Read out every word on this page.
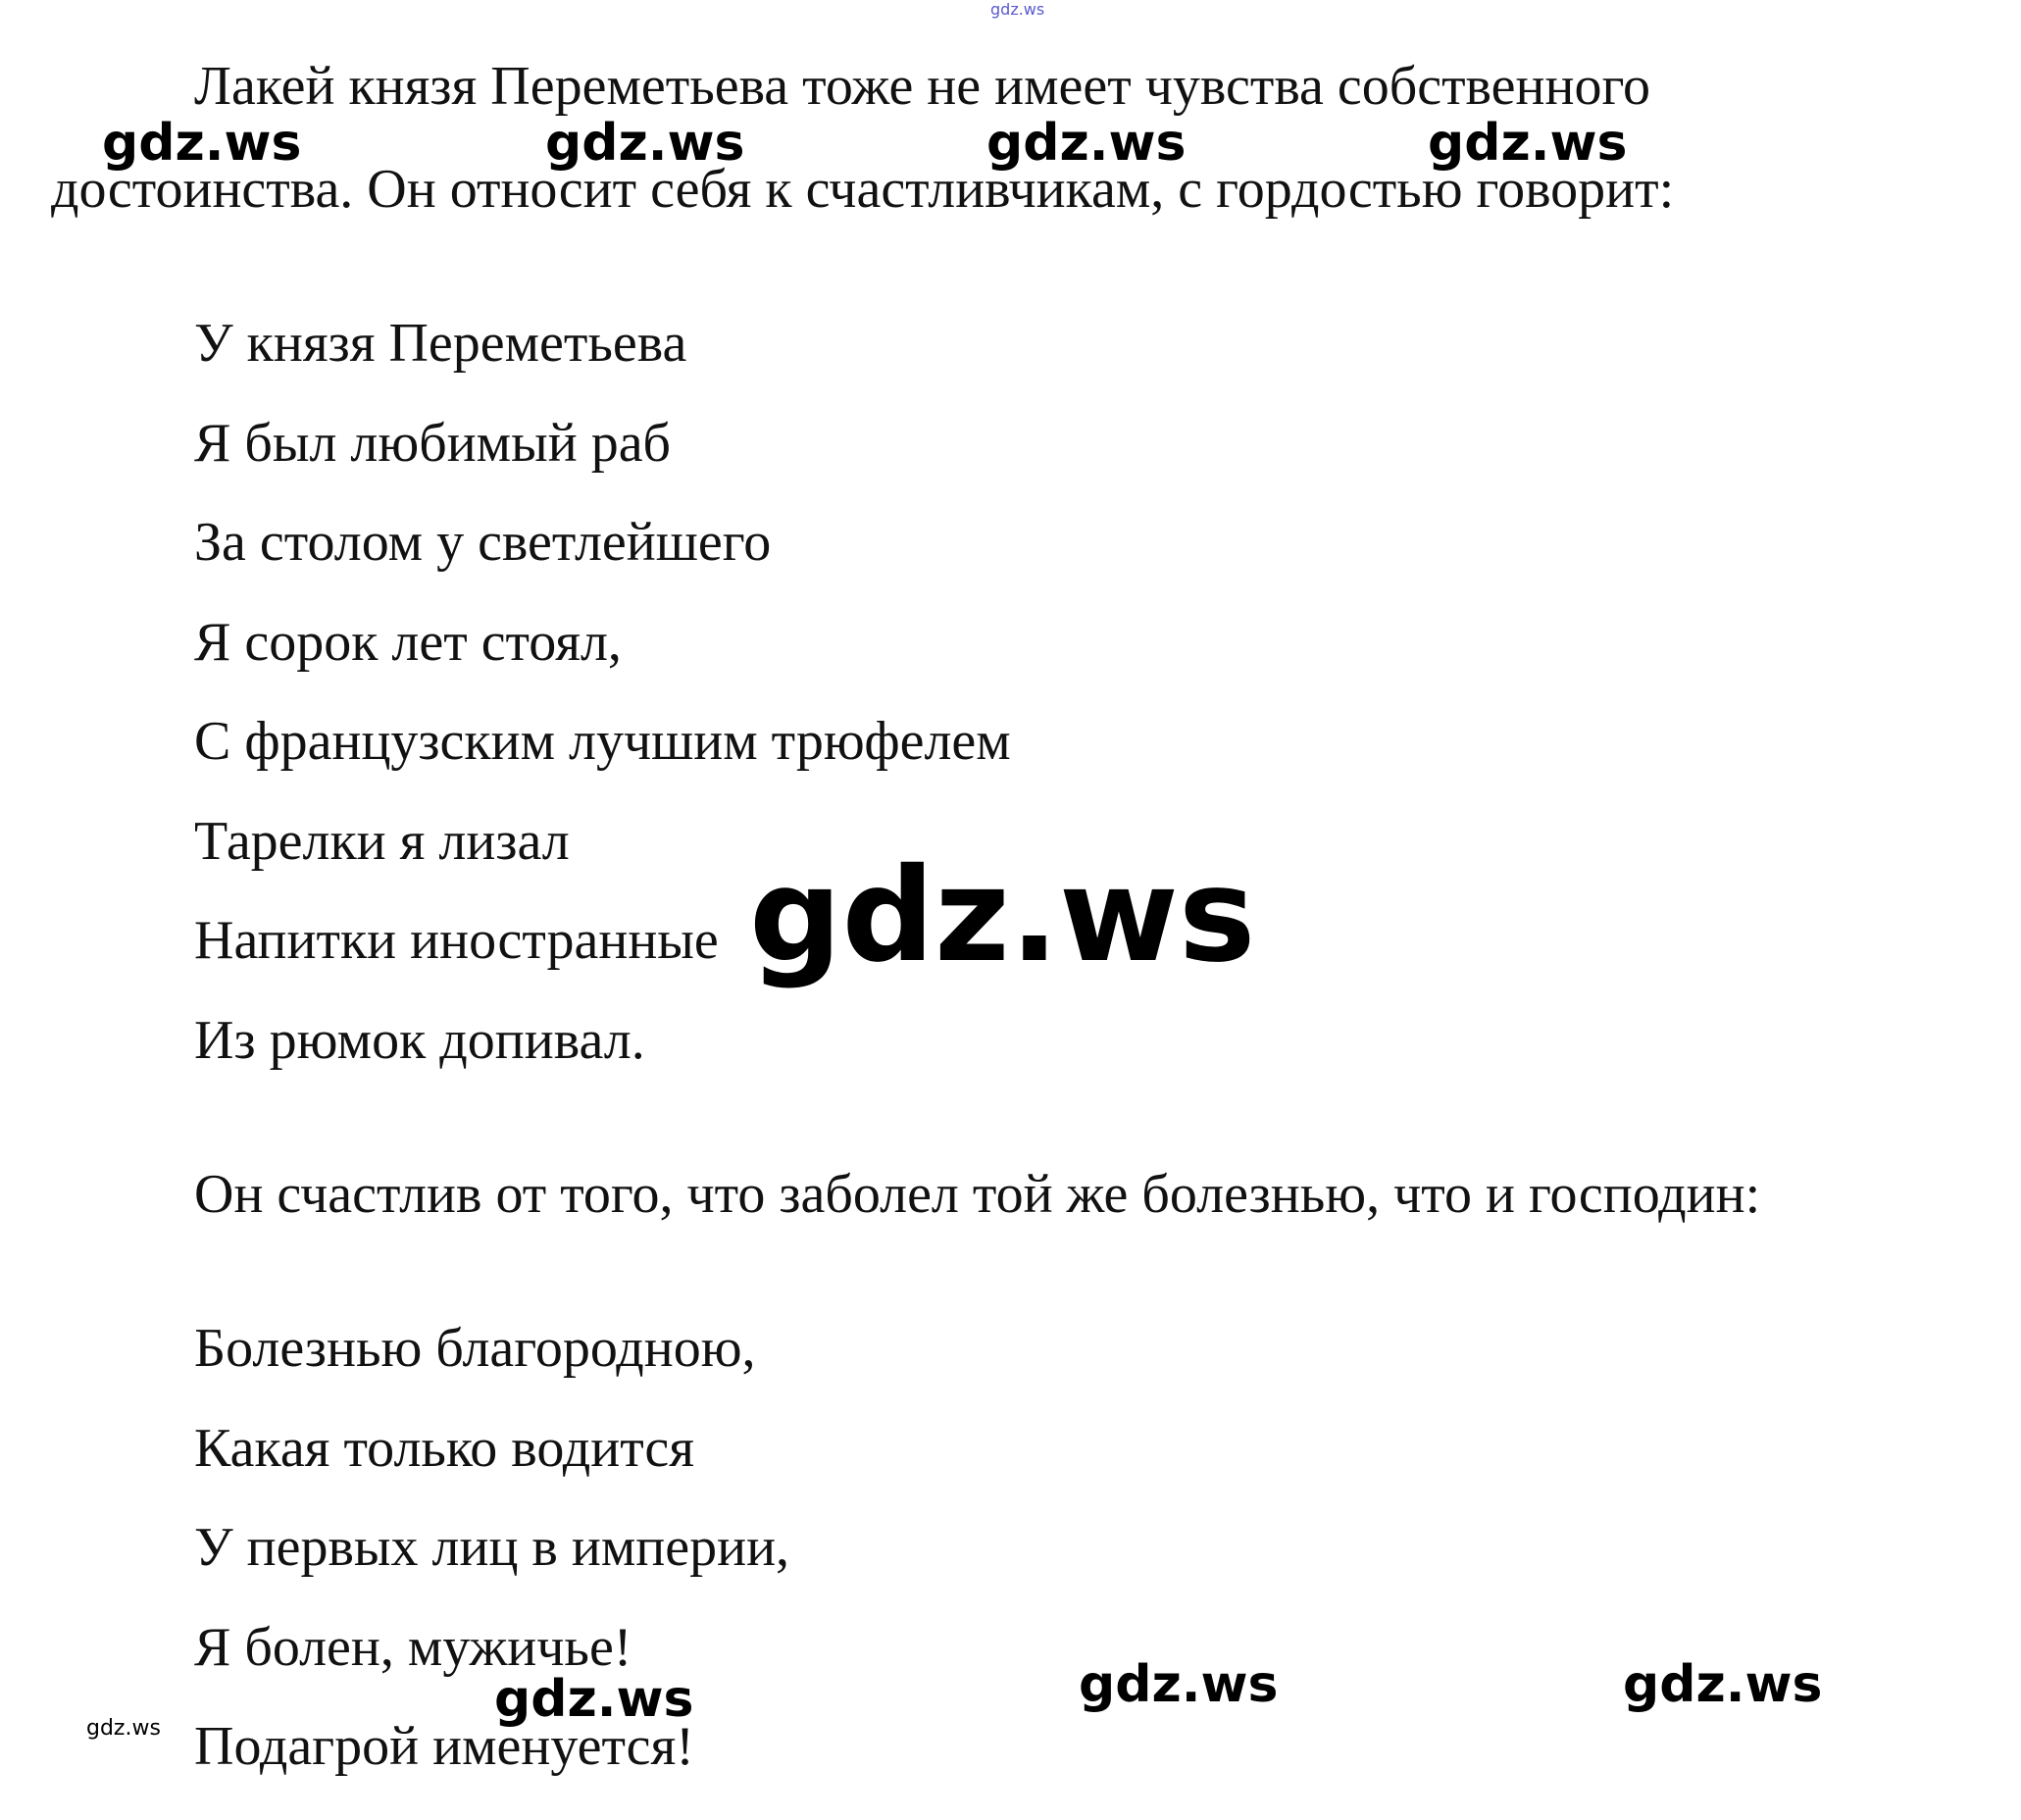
gdz.ws
Лакей князя Переметьева тоже не имеет чувства собственного
gdz.ws	gdz.ws	gdz.ws	gdz.ws
достоинства. Он относит себя к счастливчикам, с гордостью говорит:
У князя Переметьева
Я был любимый раб
За столом у светлейшего
Я сорок лет стоял,
С французским лучшим трюфелем
Тарелки я лизал
Напитки иностранные
Из рюмок допивал.
gdz.ws
Он счастлив от того, что заболел той же болезнью, что и господин:
Болезнью благородною,
Какая только водится
У первых лиц в империи,
Я болен, мужичье!
Подагрой именуется!
gdz.ws	gdz.ws	gdz.ws
gdz.ws
